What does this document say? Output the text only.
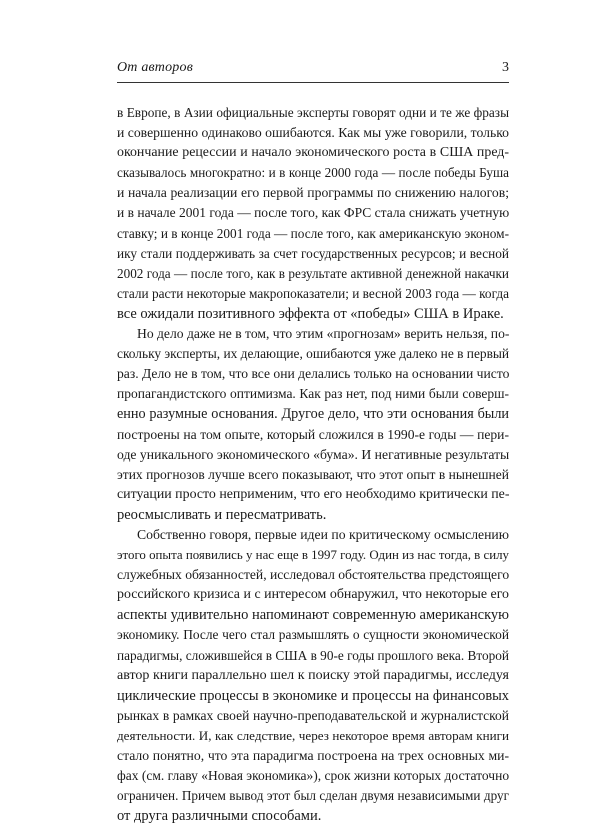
От авторов	3

в Европе, в Азии официальные эксперты говорят одни и те же фразы
и совершенно одинаково ошибаются. Как мы уже говорили, только
окончание рецессии и начало экономического роста в США пред-
сказывалось многократно: и в конце 2000 года — после победы Буша
и начала реализации его первой программы по снижению налогов;
и в начале 2001 года — после того, как ФРС стала снижать учетную
ставку; и в конце 2001 года — после того, как американскую эконом-
ику стали поддерживать за счет государственных ресурсов; и весной
2002 года — после того, как в результате активной денежной накачки
стали расти некоторые макропоказатели; и весной 2003 года — когда
все ожидали позитивного эффекта от «победы» США в Ираке.

Но дело даже не в том, что этим «прогнозам» верить нельзя, по-
скольку эксперты, их делающие, ошибаются уже далеко не в первый
раз. Дело не в том, что все они делались только на основании чисто
пропагандистского оптимизма. Как раз нет, под ними были соверш-
енно разумные основания. Другое дело, что эти основания были
построены на том опыте, который сложился в 1990-е годы — пери-
оде уникального экономического «бума». И негативные результаты
этих прогнозов лучше всего показывают, что этот опыт в нынешней
ситуации просто неприменим, что его необходимо критически пе-
реосмысливать и пересматривать.

Собственно говоря, первые идеи по критическому осмыслению
этого опыта появились у нас еще в 1997 году. Один из нас тогда, в силу
служебных обязанностей, исследовал обстоятельства предстоящего
российского кризиса и с интересом обнаружил, что некоторые его
аспекты удивительно напоминают современную американскую
экономику. После чего стал размышлять о сущности экономической
парадигмы, сложившейся в США в 90-е годы прошлого века. Второй
автор книги параллельно шел к поиску этой парадигмы, исследуя
циклические процессы в экономике и процессы на финансовых
рынках в рамках своей научно-преподавательской и журналистской
деятельности. И, как следствие, через некоторое время авторам книги
стало понятно, что эта парадигма построена на трех основных ми-
фах (см. главу «Новая экономика»), срок жизни которых достаточно
ограничен. Причем вывод этот был сделан двумя независимыми друг
от друга различными способами.
